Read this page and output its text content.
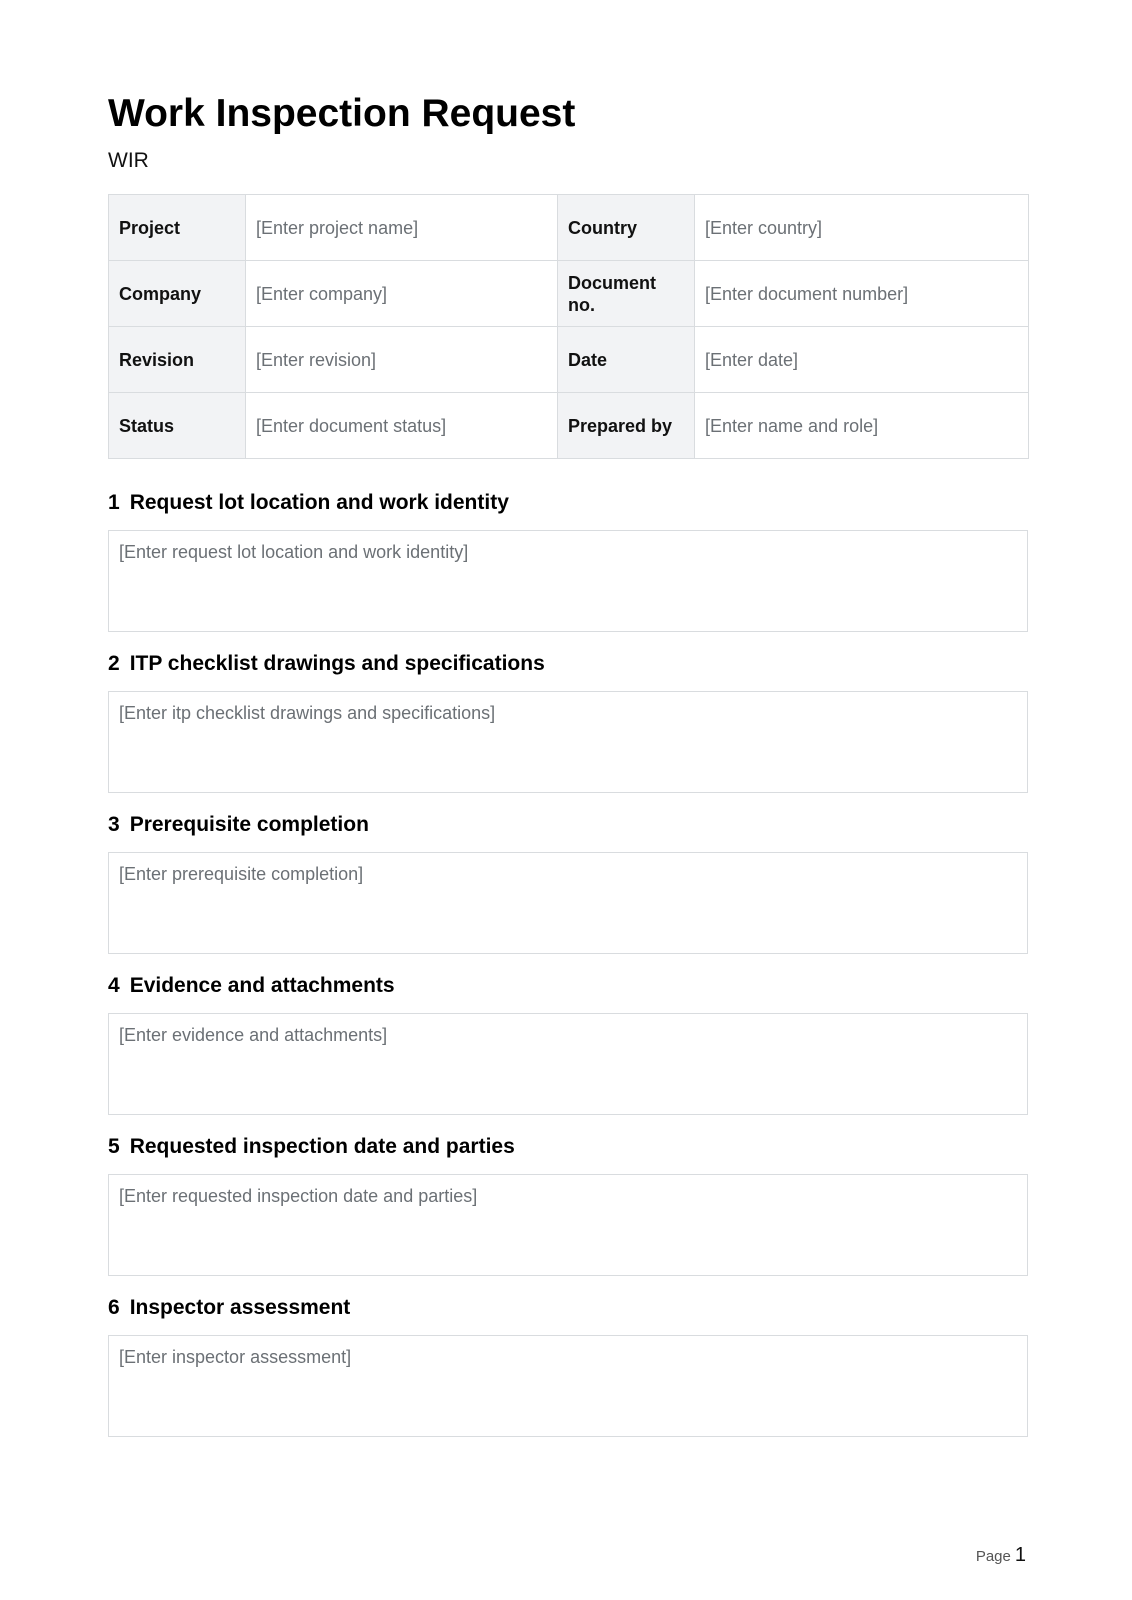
Work Inspection Request
WIR
Project	[Enter project name]	Country	[Enter country]
Company	[Enter company]	Document no.	[Enter document number]
Revision	[Enter revision]	Date	[Enter date]
Status	[Enter document status]	Prepared by	[Enter name and role]
1 Request lot location and work identity
[Enter request lot location and work identity]
2 ITP checklist drawings and specifications
[Enter itp checklist drawings and specifications]
3 Prerequisite completion
[Enter prerequisite completion]
4 Evidence and attachments
[Enter evidence and attachments]
5 Requested inspection date and parties
[Enter requested inspection date and parties]
6 Inspector assessment
[Enter inspector assessment]
Page 1
